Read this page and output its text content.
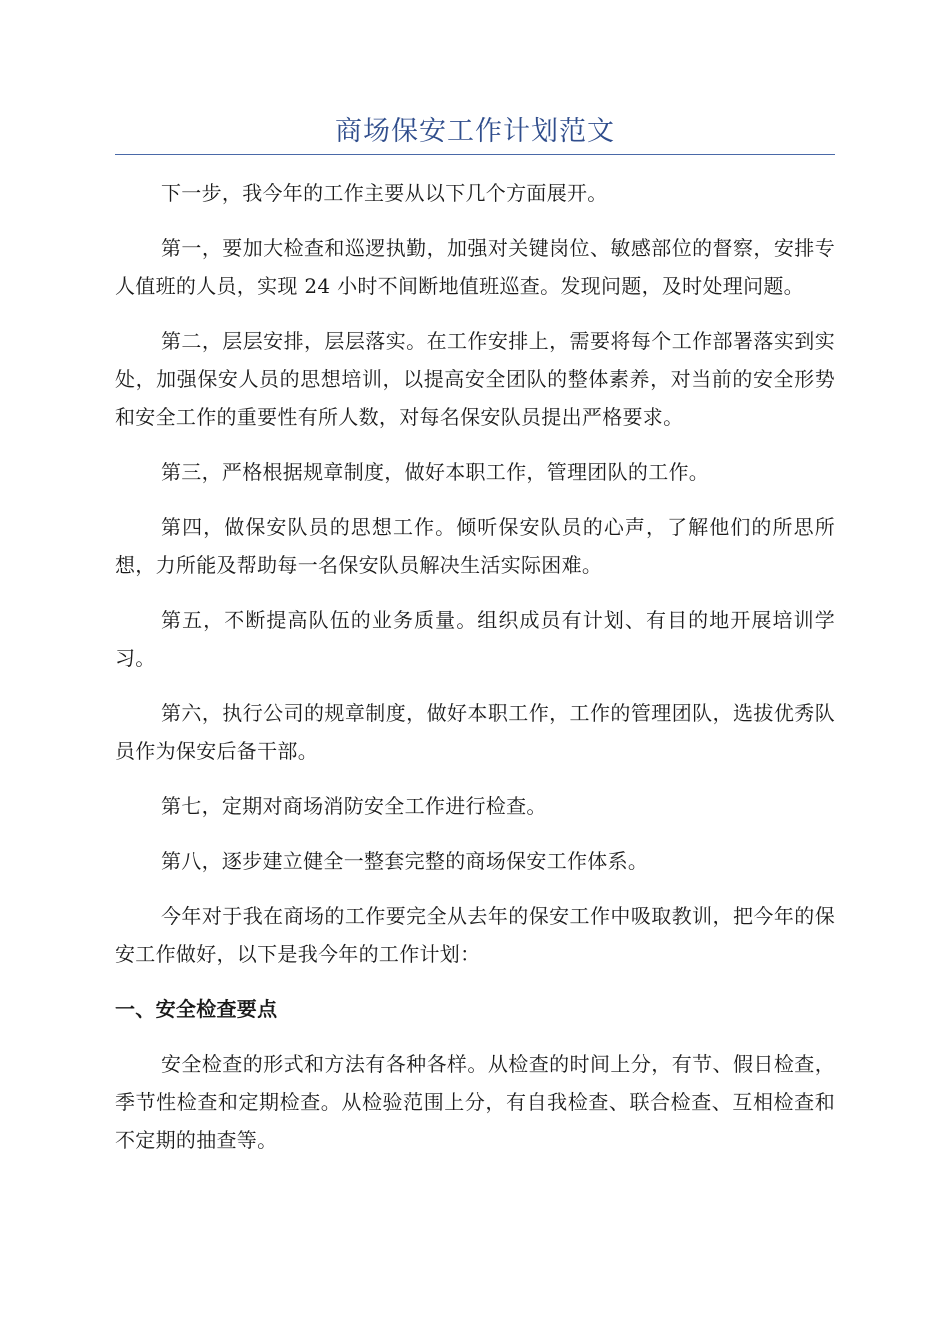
商场保安工作计划范文

下一步，我今年的工作主要从以下几个方面展开。

第一，要加大检查和巡逻执勤，加强对关键岗位、敏感部位的督察，安排专人值班的人员，实现 24 小时不间断地值班巡查。发现问题，及时处理问题。

第二，层层安排，层层落实。在工作安排上，需要将每个工作部署落实到实处，加强保安人员的思想培训，以提高安全团队的整体素养，对当前的安全形势和安全工作的重要性有所人数，对每名保安队员提出严格要求。

第三，严格根据规章制度，做好本职工作，管理团队的工作。

第四，做保安队员的思想工作。倾听保安队员的心声，了解他们的所思所想，力所能及帮助每一名保安队员解决生活实际困难。

第五，不断提高队伍的业务质量。组织成员有计划、有目的地开展培训学习。

第六，执行公司的规章制度，做好本职工作，工作的管理团队，选拔优秀队员作为保安后备干部。

第七，定期对商场消防安全工作进行检查。

第八，逐步建立健全一整套完整的商场保安工作体系。

今年对于我在商场的工作要完全从去年的保安工作中吸取教训，把今年的保安工作做好，以下是我今年的工作计划：

一、安全检查要点

安全检查的形式和方法有各种各样。从检查的时间上分，有节、假日检查，季节性检查和定期检查。从检验范围上分，有自我检查、联合检查、互相检查和不定期的抽查等。
